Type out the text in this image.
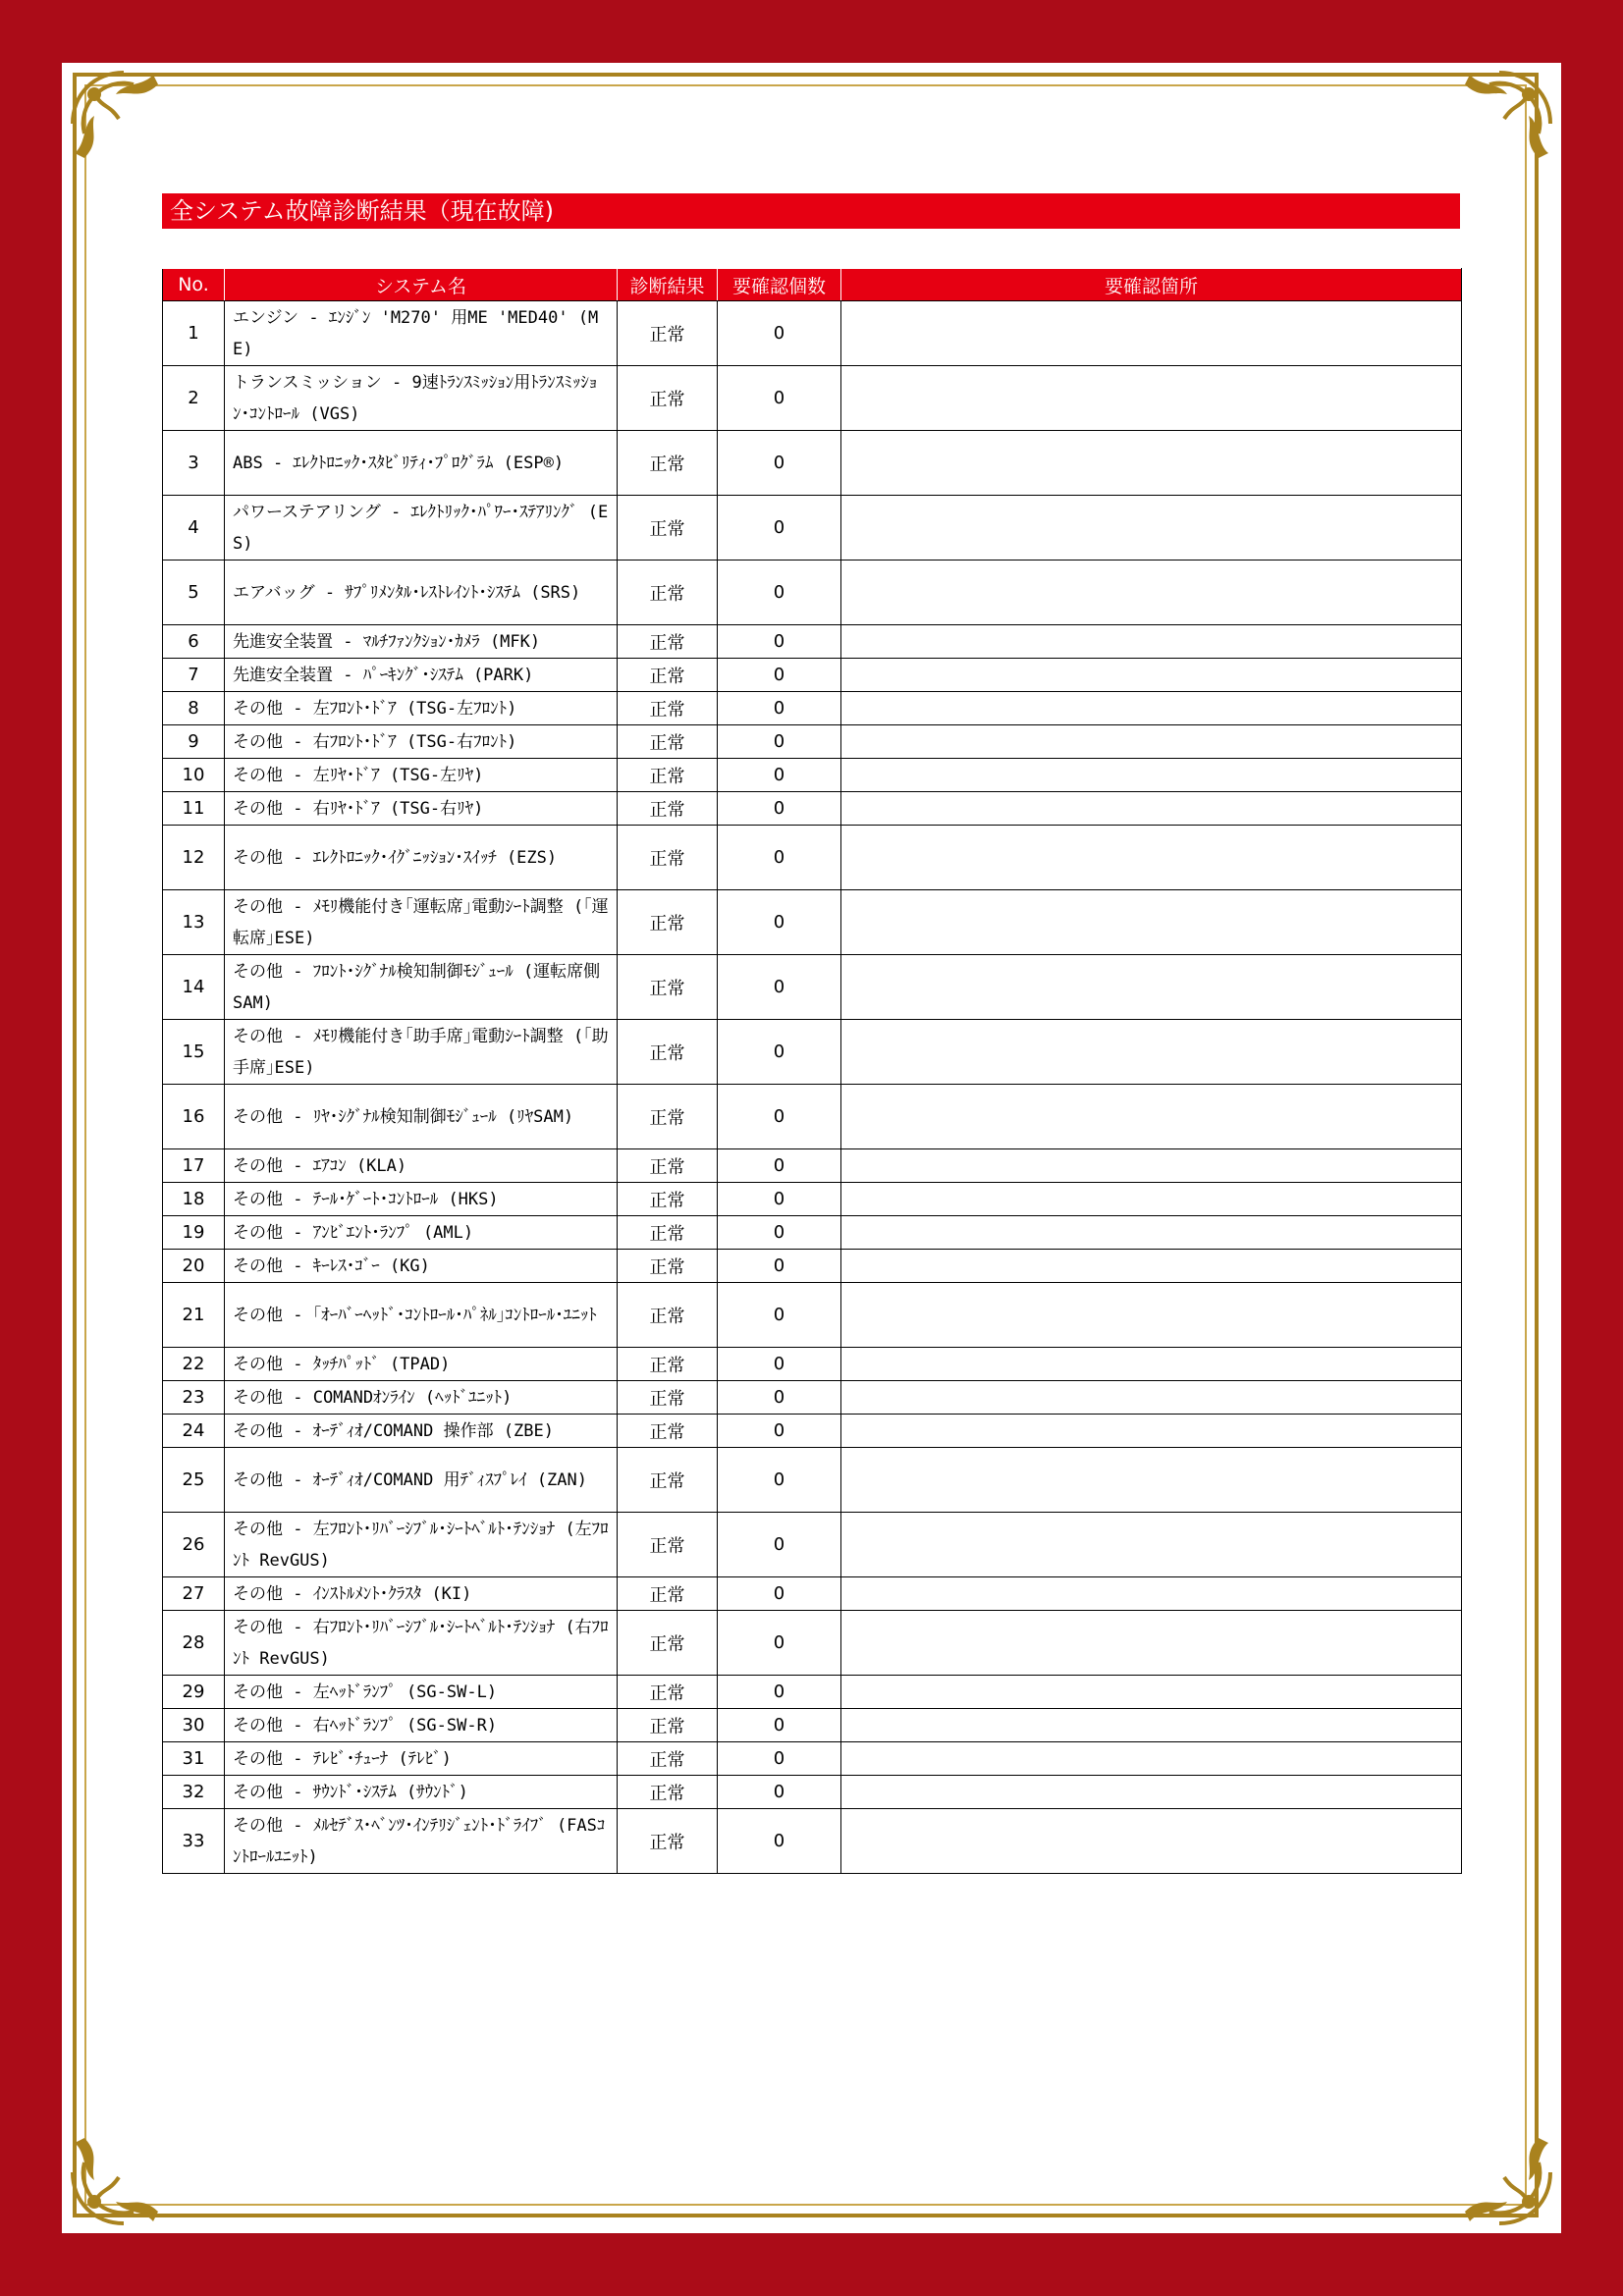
全システム故障診断結果（現在故障)
No.	システム名	診断結果	要確認個数	要確認箇所
1	エンジン - ｴﾝｼﾞﾝ 'M270' 用ME 'MED40' (ME)	正常	0	
2	トランスミッション - 9速ﾄﾗﾝｽﾐｯｼｮﾝ用ﾄﾗﾝｽﾐｯｼｮﾝ･ｺﾝﾄﾛｰﾙ (VGS)	正常	0	
3	ABS - ｴﾚｸﾄﾛﾆｯｸ･ｽﾀﾋﾞﾘﾃｨ･ﾌﾟﾛｸﾞﾗﾑ (ESP®)	正常	0	
4	パワーステアリング - ｴﾚｸﾄﾘｯｸ･ﾊﾟﾜｰ･ｽﾃｱﾘﾝｸﾞ (ES)	正常	0	
5	エアバッグ - ｻﾌﾟﾘﾒﾝﾀﾙ･ﾚｽﾄﾚｲﾝﾄ･ｼｽﾃﾑ (SRS)	正常	0	
6	先進安全装置 - ﾏﾙﾁﾌｧﾝｸｼｮﾝ･ｶﾒﾗ (MFK)	正常	0	
7	先進安全装置 - ﾊﾟｰｷﾝｸﾞ･ｼｽﾃﾑ (PARK)	正常	0	
8	その他 - 左ﾌﾛﾝﾄ･ﾄﾞｱ (TSG-左ﾌﾛﾝﾄ)	正常	0	
9	その他 - 右ﾌﾛﾝﾄ･ﾄﾞｱ (TSG-右ﾌﾛﾝﾄ)	正常	0	
10	その他 - 左ﾘﾔ･ﾄﾞｱ (TSG-左ﾘﾔ)	正常	0	
11	その他 - 右ﾘﾔ･ﾄﾞｱ (TSG-右ﾘﾔ)	正常	0	
12	その他 - ｴﾚｸﾄﾛﾆｯｸ･ｲｸﾞﾆｯｼｮﾝ･ｽｲｯﾁ (EZS)	正常	0	
13	その他 - ﾒﾓﾘ機能付き｢運転席｣電動ｼｰﾄ調整 (｢運転席｣ESE)	正常	0	
14	その他 - ﾌﾛﾝﾄ･ｼｸﾞﾅﾙ検知制御ﾓｼﾞｭｰﾙ (運転席側SAM)	正常	0	
15	その他 - ﾒﾓﾘ機能付き｢助手席｣電動ｼｰﾄ調整 (｢助手席｣ESE)	正常	0	
16	その他 - ﾘﾔ･ｼｸﾞﾅﾙ検知制御ﾓｼﾞｭｰﾙ (ﾘﾔSAM)	正常	0	
17	その他 - ｴｱｺﾝ (KLA)	正常	0	
18	その他 - ﾃｰﾙ･ｹﾞｰﾄ･ｺﾝﾄﾛｰﾙ (HKS)	正常	0	
19	その他 - ｱﾝﾋﾞｴﾝﾄ･ﾗﾝﾌﾟ (AML)	正常	0	
20	その他 - ｷｰﾚｽ･ｺﾞｰ (KG)	正常	0	
21	その他 - ｢ｵｰﾊﾞｰﾍｯﾄﾞ･ｺﾝﾄﾛｰﾙ･ﾊﾟﾈﾙ｣ｺﾝﾄﾛｰﾙ･ﾕﾆｯﾄ	正常	0	
22	その他 - ﾀｯﾁﾊﾟｯﾄﾞ (TPAD)	正常	0	
23	その他 - COMANDｵﾝﾗｲﾝ (ﾍｯﾄﾞﾕﾆｯﾄ)	正常	0	
24	その他 - ｵｰﾃﾞｨｵ/COMAND 操作部 (ZBE)	正常	0	
25	その他 - ｵｰﾃﾞｨｵ/COMAND 用ﾃﾞｨｽﾌﾟﾚｲ (ZAN)	正常	0	
26	その他 - 左ﾌﾛﾝﾄ･ﾘﾊﾞｰｼﾌﾞﾙ･ｼｰﾄﾍﾞﾙﾄ･ﾃﾝｼｮﾅ (左ﾌﾛﾝﾄ RevGUS)	正常	0	
27	その他 - ｲﾝｽﾄﾙﾒﾝﾄ･ｸﾗｽﾀ (KI)	正常	0	
28	その他 - 右ﾌﾛﾝﾄ･ﾘﾊﾞｰｼﾌﾞﾙ･ｼｰﾄﾍﾞﾙﾄ･ﾃﾝｼｮﾅ (右ﾌﾛﾝﾄ RevGUS)	正常	0	
29	その他 - 左ﾍｯﾄﾞﾗﾝﾌﾟ (SG-SW-L)	正常	0	
30	その他 - 右ﾍｯﾄﾞﾗﾝﾌﾟ (SG-SW-R)	正常	0	
31	その他 - ﾃﾚﾋﾞ･ﾁｭｰﾅ (ﾃﾚﾋﾞ)	正常	0	
32	その他 - ｻｳﾝﾄﾞ･ｼｽﾃﾑ (ｻｳﾝﾄﾞ)	正常	0	
33	その他 - ﾒﾙｾﾃﾞｽ･ﾍﾞﾝﾂ･ｲﾝﾃﾘｼﾞｪﾝﾄ･ﾄﾞﾗｲﾌﾞ (FASｺﾝﾄﾛｰﾙﾕﾆｯﾄ)	正常	0	
